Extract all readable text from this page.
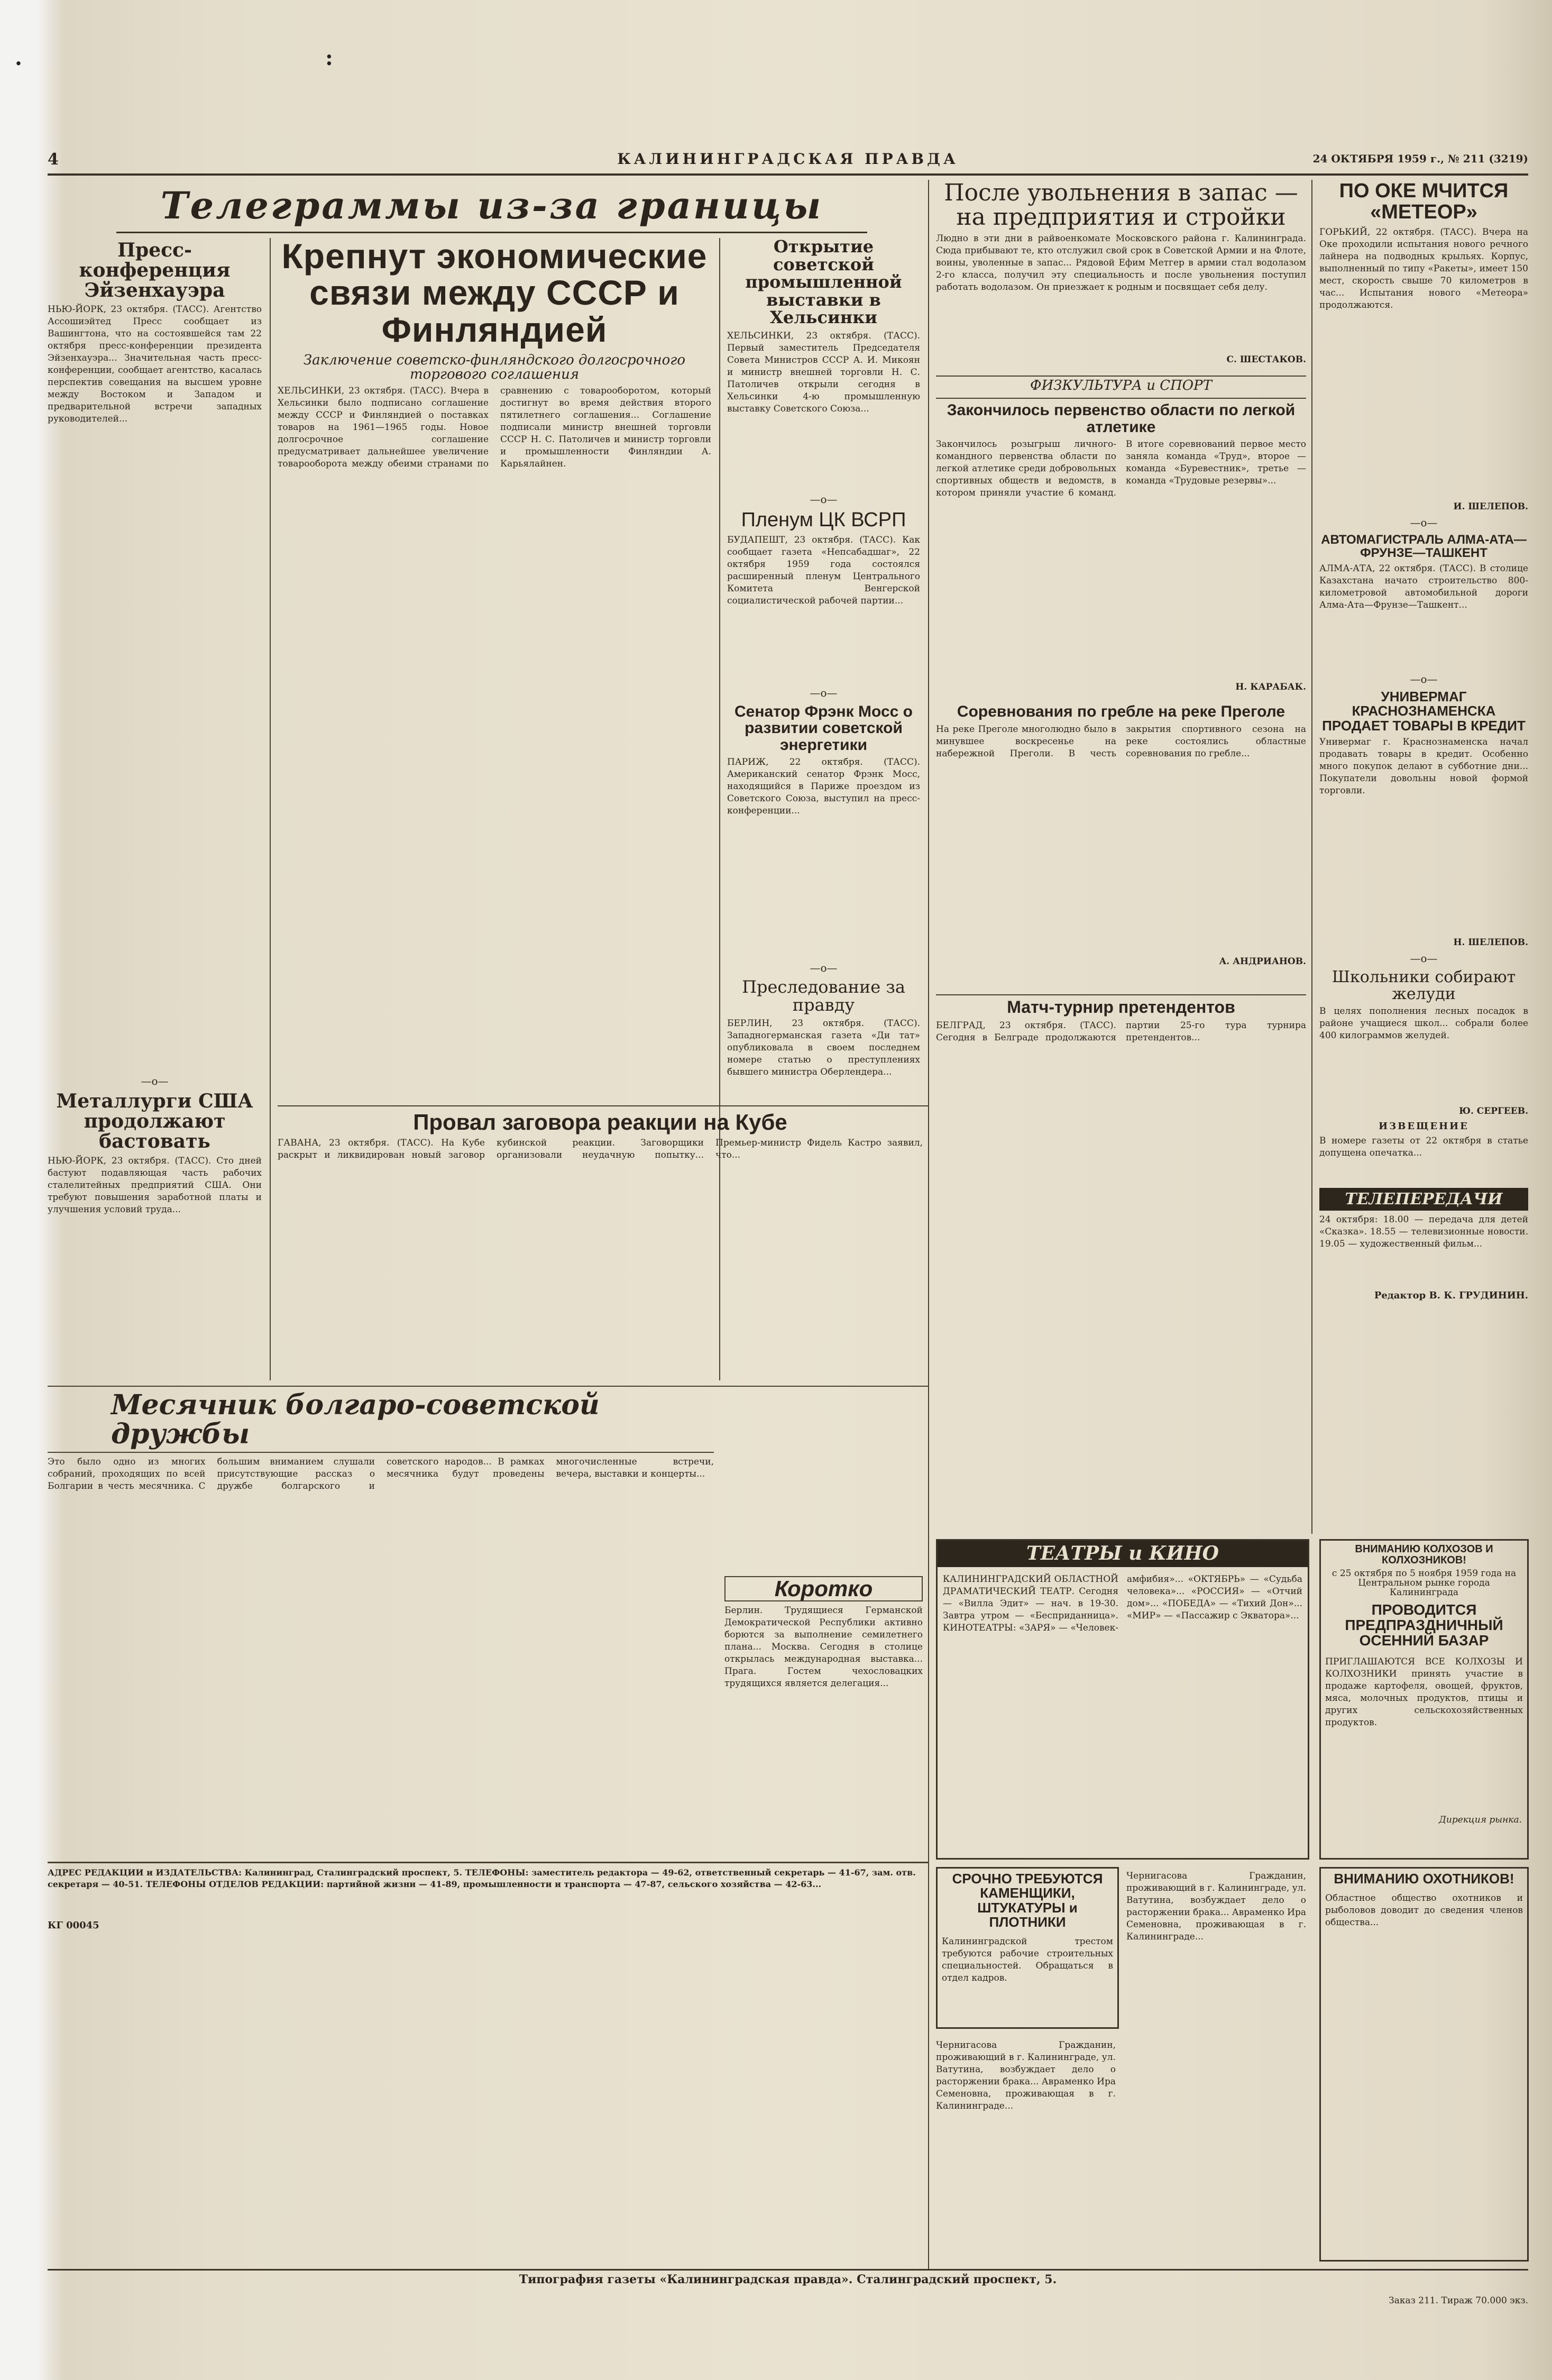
.	:
4	КАЛИНИНГРАДСКАЯ ПРАВДА	24 ОКТЯБРЯ 1959 г., № 211 (3219)
Телеграммы из-за границы
Пресс-конференция Эйзенхауэра
НЬЮ-ЙОРК, 23 октября. (ТАСС). Агентство Ассошиэйтед Пресс сообщает из Вашингтона, что на состоявшейся там 22 октября пресс-конференции президента Эйзенхауэра... Значительная часть пресс-конференции, сообщает агентство, касалась перспектив совещания на высшем уровне между Востоком и Западом и предварительной встречи западных руководителей...
—o—
Металлурги США продолжают бастовать
НЬЮ-ЙОРК, 23 октября. (ТАСС). Сто дней бастуют подавляющая часть рабочих сталелитейных предприятий США. Они требуют повышения заработной платы и улучшения условий труда...
Крепнут экономические связи между СССР и Финляндией
Заключение советско-финляндского долгосрочного торгового соглашения
ХЕЛЬСИНКИ, 23 октября. (ТАСС). Вчера в Хельсинки было подписано соглашение между СССР и Финляндией о поставках товаров на 1961—1965 годы. Новое долгосрочное соглашение предусматривает дальнейшее увеличение товарооборота между обеими странами по сравнению с товарооборотом, который достигнут во время действия второго пятилетнего соглашения... Соглашение подписали министр внешней торговли СССР Н. С. Патоличев и министр торговли и промышленности Финляндии А. Карьялайнен.
Провал заговора реакции на Кубе
ГАВАНА, 23 октября. (ТАСС). На Кубе раскрыт и ликвидирован новый заговор кубинской реакции. Заговорщики организовали неудачную попытку... Премьер-министр Фидель Кастро заявил, что...
Открытие советской промышленной выставки в Хельсинки
ХЕЛЬСИНКИ, 23 октября. (ТАСС). Первый заместитель Председателя Совета Министров СССР А. И. Микоян и министр внешней торговли Н. С. Патоличев открыли сегодня в Хельсинки 4-ю промышленную выставку Советского Союза...
—o—
Пленум ЦК ВСРП
БУДАПЕШТ, 23 октября. (ТАСС). Как сообщает газета «Непсабадшаг», 22 октября 1959 года состоялся расширенный пленум Центрального Комитета Венгерской социалистической рабочей партии...
—o—
Сенатор Фрэнк Мосс о развитии советской энергетики
ПАРИЖ, 22 октября. (ТАСС). Американский сенатор Фрэнк Мосс, находящийся в Париже проездом из Советского Союза, выступил на пресс-конференции...
—o—
Преследование за правду
БЕРЛИН, 23 октября. (ТАСС). Западногерманская газета «Ди тат» опубликовала в своем последнем номере статью о преступлениях бывшего министра Оберлендера...
После увольнения в запас — на предприятия и стройки
Людно в эти дни в райвоенкомате Московского района г. Калининграда. Сюда прибывают те, кто отслужил свой срок в Советской Армии и на Флоте, воины, уволенные в запас... Рядовой Ефим Метгер в армии стал водолазом 2-го класса, получил эту специальность и после увольнения поступил работать водолазом. Он приезжает к родным и посвящает себя делу.
С. ШЕСТАКОВ.
ФИЗКУЛЬТУРА и СПОРТ
Закончилось первенство области по легкой атлетике
Закончилось розыгрыш личного-командного первенства области по легкой атлетике среди добровольных спортивных обществ и ведомств, в котором приняли участие 6 команд. В итоге соревнований первое место заняла команда «Труд», второе — команда «Буревестник», третье — команда «Трудовые резервы»...
Н. КАРАБАК.
Соревнования по гребле на реке Преголе
На реке Преголе многолюдно было в минувшее воскресенье на набережной Преголи. В честь закрытия спортивного сезона на реке состоялись областные соревнования по гребле...
А. АНДРИАНОВ.
Матч-турнир претендентов
БЕЛГРАД, 23 октября. (ТАСС). Сегодня в Белграде продолжаются партии 25-го тура турнира претендентов...
ПО ОКЕ МЧИТСЯ «МЕТЕОР»
ГОРЬКИЙ, 22 октября. (ТАСС). Вчера на Оке проходили испытания нового речного лайнера на подводных крыльях. Корпус, выполненный по типу «Ракеты», имеет 150 мест, скорость свыше 70 километров в час... Испытания нового «Метеора» продолжаются.
И. ШЕЛЕПОВ.
—o—
АВТОМАГИСТРАЛЬ АЛМА-АТА—ФРУНЗЕ—ТАШКЕНТ
АЛМА-АТА, 22 октября. (ТАСС). В столице Казахстана начато строительство 800-километровой автомобильной дороги Алма-Ата—Фрунзе—Ташкент...
—o—
УНИВЕРМАГ КРАСНОЗНАМЕНСКА ПРОДАЕТ ТОВАРЫ В КРЕДИТ
Универмаг г. Краснознаменска начал продавать товары в кредит. Особенно много покупок делают в субботние дни... Покупатели довольны новой формой торговли.
Н. ШЕЛЕПОВ.
—o—
Школьники собирают желуди
В целях пополнения лесных посадок в районе учащиеся школ... собрали более 400 килограммов желудей.
Ю. СЕРГЕЕВ.
ИЗВЕЩЕНИЕ
В номере газеты от 22 октября в статье допущена опечатка...
ТЕЛЕПЕРЕДАЧИ
24 октября: 18.00 — передача для детей «Сказка». 18.55 — телевизионные новости. 19.05 — художественный фильм...
Редактор В. К. ГРУДИНИН.
Месячник болгаро-советской дружбы
Это было одно из многих собраний, проходящих по всей Болгарии в честь месячника. С большим вниманием слушали присутствующие рассказ о дружбе болгарского и советского народов... В рамках месячника будут проведены многочисленные встречи, вечера, выставки и концерты...
Коротко
Берлин. Трудящиеся Германской Демократической Республики активно борются за выполнение семилетнего плана... Москва. Сегодня в столице открылась международная выставка... Прага. Гостем чехословацких трудящихся является делегация...
ТЕАТРЫ и КИНО
КАЛИНИНГРАДСКИЙ ОБЛАСТНОЙ ДРАМАТИЧЕСКИЙ ТЕАТР. Сегодня — «Вилла Эдит» — нач. в 19-30. Завтра утром — «Бесприданница». КИНОТЕАТРЫ: «ЗАРЯ» — «Человек-амфибия»... «ОКТЯБРЬ» — «Судьба человека»... «РОССИЯ» — «Отчий дом»... «ПОБЕДА» — «Тихий Дон»... «МИР» — «Пассажир с Экватора»...
ВНИМАНИЮ КОЛХОЗОВ И КОЛХОЗНИКОВ!
с 25 октября по 5 ноября 1959 года на Центральном рынке города Калининграда
ПРОВОДИТСЯ ПРЕДПРАЗДНИЧНЫЙ ОСЕННИЙ БАЗАР
ПРИГЛАШАЮТСЯ ВСЕ КОЛХОЗЫ И КОЛХОЗНИКИ принять участие в продаже картофеля, овощей, фруктов, мяса, молочных продуктов, птицы и других сельскохозяйственных продуктов.
Дирекция рынка.
СРОЧНО ТРЕБУЮТСЯ КАМЕНЩИКИ, ШТУКАТУРЫ и ПЛОТНИКИ
Калининградской трестом требуются рабочие строительных специальностей. Обращаться в отдел кадров.
Чернигасова Гражданин, проживающий в г. Калининграде, ул. Ватутина, возбуждает дело о расторжении брака... Авраменко Ира Семеновна, проживающая в г. Калининграде...
Чернигасова Гражданин, проживающий в г. Калининграде, ул. Ватутина, возбуждает дело о расторжении брака... Авраменко Ира Семеновна, проживающая в г. Калининграде...
ВНИМАНИЮ ОХОТНИКОВ!
Областное общество охотников и рыболовов доводит до сведения членов общества...
АДРЕС РЕДАКЦИИ и ИЗДАТЕЛЬСТВА: Калининград, Сталинградский проспект, 5. ТЕЛЕФОНЫ: заместитель редактора — 49-62, ответственный секретарь — 41-67, зам. отв. секретаря — 40-51. ТЕЛЕФОНЫ ОТДЕЛОВ РЕДАКЦИИ: партийной жизни — 41-89, промышленности и транспорта — 47-87, сельского хозяйства — 42-63...
КГ 00045
Типография газеты «Калининградская правда». Сталинградский проспект, 5.
Заказ 211. Тираж 70.000 экз.
